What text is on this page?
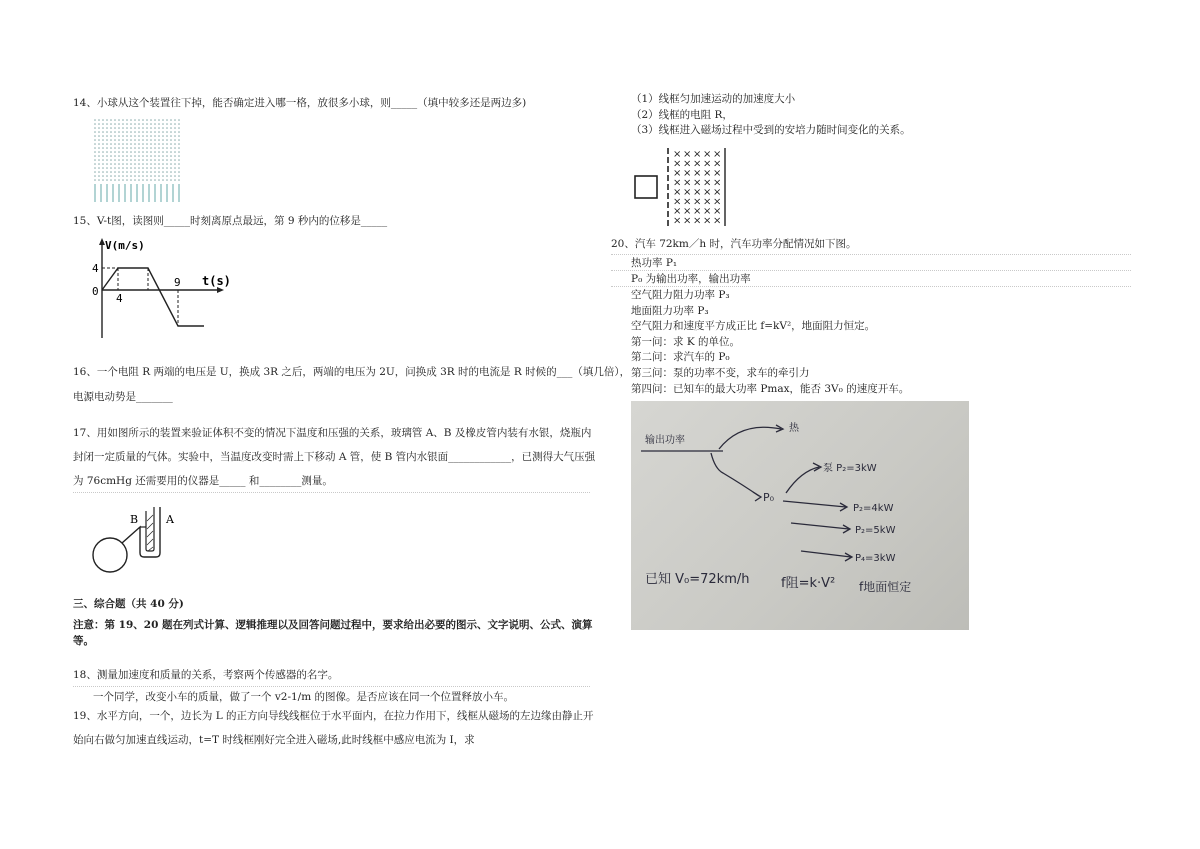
14、小球从这个装置往下掉，能否确定进入哪一格，放很多小球，则_____（填中较多还是两边多)
15、V-t图，读图则_____时刻离原点最远，第 9 秒内的位移是_____
V(m/s)
t(s)
4
0
4
9
16、一个电阻 R 两端的电压是 U，换成 3R 之后，两端的电压为 2U，问换成 3R 时的电流是 R 时候的___（填几倍），
电源电动势是_______
17、用如图所示的装置来验证体积不变的情况下温度和压强的关系，玻璃管 A、B 及橡皮管内装有水银，烧瓶内
封闭一定质量的气体。实验中，当温度改变时需上下移动 A 管，使 B 管内水银面____________，已测得大气压强
为 76cmHg 还需要用的仪器是_____ 和________测量。
B	A
三、综合题（共 40 分)
注意：第 19、20 题在列式计算、逻辑推理以及回答问题过程中，要求给出必要的图示、文字说明、公式、演算
等。
18、测量加速度和质量的关系，考察两个传感器的名字。
一个同学，改变小车的质量，做了一个 v2-1/m 的图像。是否应该在同一个位置释放小车。
19、水平方向，一个，边长为 L 的正方向导线线框位于水平面内，在拉力作用下，线框从磁场的左边缘由静止开
始向右做匀加速直线运动，t=T 时线框刚好完全进入磁场,此时线框中感应电流为 I，求
（1）线框匀加速运动的加速度大小
（2）线框的电阻 R，
（3）线框进入磁场过程中受到的安培力随时间变化的关系。
× × × × ×
× × × × ×
× × × × ×
× × × × ×
× × × × ×
× × × × ×
× × × × ×
× × × × ×
20、汽车 72km／h 时，汽车功率分配情况如下图。
热功率 P₁
P₀ 为输出功率，输出功率
空气阻力阻力功率 P₃
地面阻力功率 P₃
空气阻力和速度平方成正比 f=kV²，地面阻力恒定。
第一问：求 K 的单位。
第二问：求汽车的 P₀
第三问：泵的功率不变，求车的牵引力
第四问：已知车的最大功率 Pmax，能否 3V₀ 的速度开车。
输出功率
热
P₀
泵 P₂=3kW
P₂=4kW
P₂=5kW
P₄=3kW
已知 V₀=72km/h f阻=k·V² f地面恒定
